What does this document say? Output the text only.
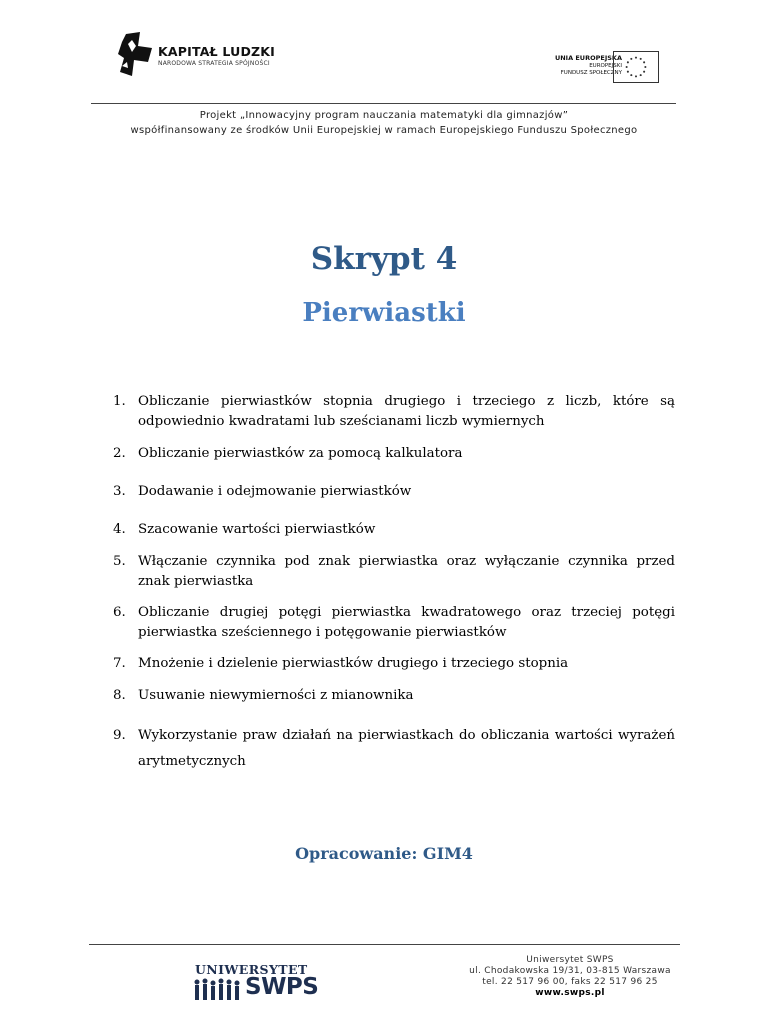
KAPITAŁ LUDZKI
NARODOWA STRATEGIA SPÓJNOŚCI
UNIA EUROPEJSKA
EUROPEJSKI
FUNDUSZ SPOŁECZNY
Projekt „Innowacyjny program nauczania matematyki dla gimnazjów”
współfinansowany ze środków Unii Europejskiej w ramach Europejskiego Funduszu Społecznego
Skrypt 4
Pierwiastki
1. Obliczanie pierwiastków stopnia drugiego i trzeciego z liczb, które są odpowiednio kwadratami lub sześcianami liczb wymiernych
2. Obliczanie pierwiastków za pomocą kalkulatora
3. Dodawanie i odejmowanie pierwiastków
4. Szacowanie wartości pierwiastków
5. Włączanie czynnika pod znak pierwiastka oraz wyłączanie czynnika przed znak pierwiastka
6. Obliczanie drugiej potęgi pierwiastka kwadratowego oraz trzeciej potęgi pierwiastka sześciennego i potęgowanie pierwiastków
7. Mnożenie i dzielenie pierwiastków drugiego i trzeciego stopnia
8. Usuwanie niewymierności z mianownika
9. Wykorzystanie praw działań na pierwiastkach do obliczania wartości wyrażeń arytmetycznych
Opracowanie: GIM4
UNIWERSYTET
SWPS
Uniwersytet SWPS
ul. Chodakowska 19/31, 03-815 Warszawa
tel. 22 517 96 00, faks 22 517 96 25
www.swps.pl
